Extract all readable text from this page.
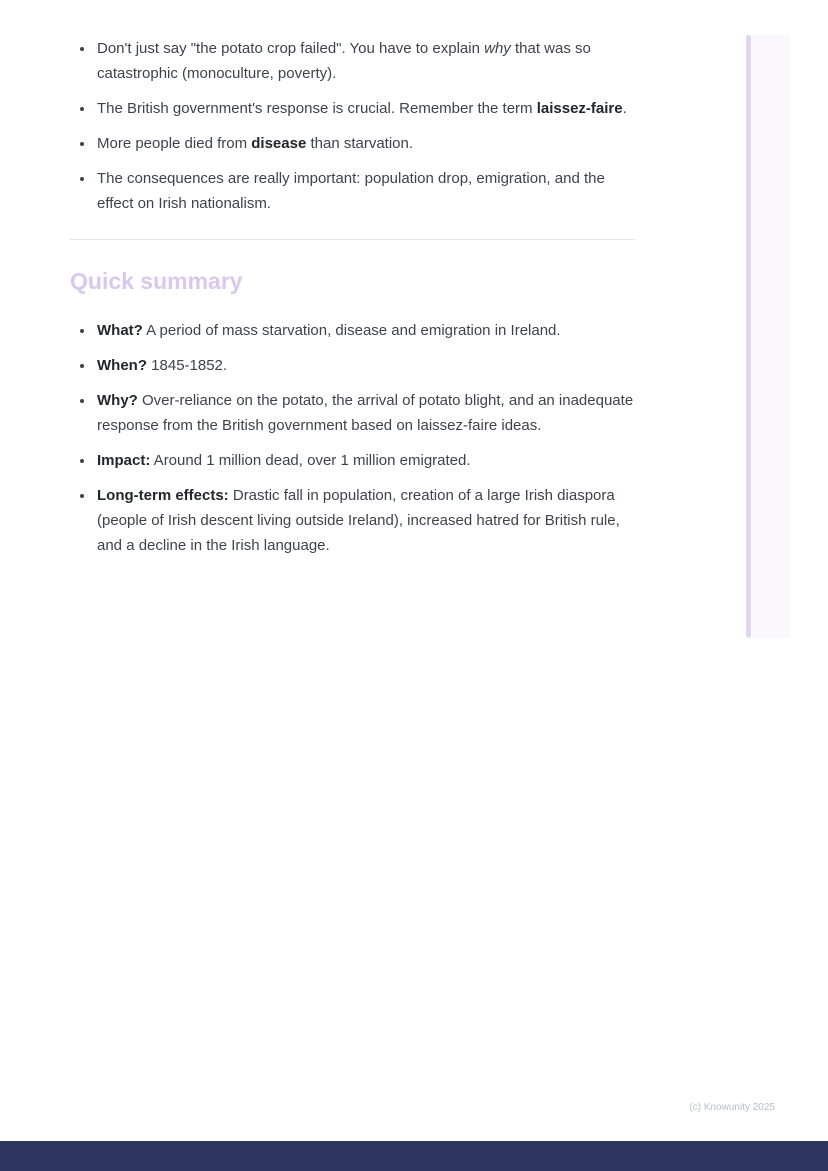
• Don't just say "the potato crop failed". You have to explain why that was so catastrophic (monoculture, poverty).
• The British government's response is crucial. Remember the term laissez-faire.
• More people died from disease than starvation.
• The consequences are really important: population drop, emigration, and the effect on Irish nationalism.
Quick summary
• What? A period of mass starvation, disease and emigration in Ireland.
• When? 1845-1852.
• Why? Over-reliance on the potato, the arrival of potato blight, and an inadequate response from the British government based on laissez-faire ideas.
• Impact: Around 1 million dead, over 1 million emigrated.
• Long-term effects: Drastic fall in population, creation of a large Irish diaspora (people of Irish descent living outside Ireland), increased hatred for British rule, and a decline in the Irish language.
(c) Knowunity 2025
